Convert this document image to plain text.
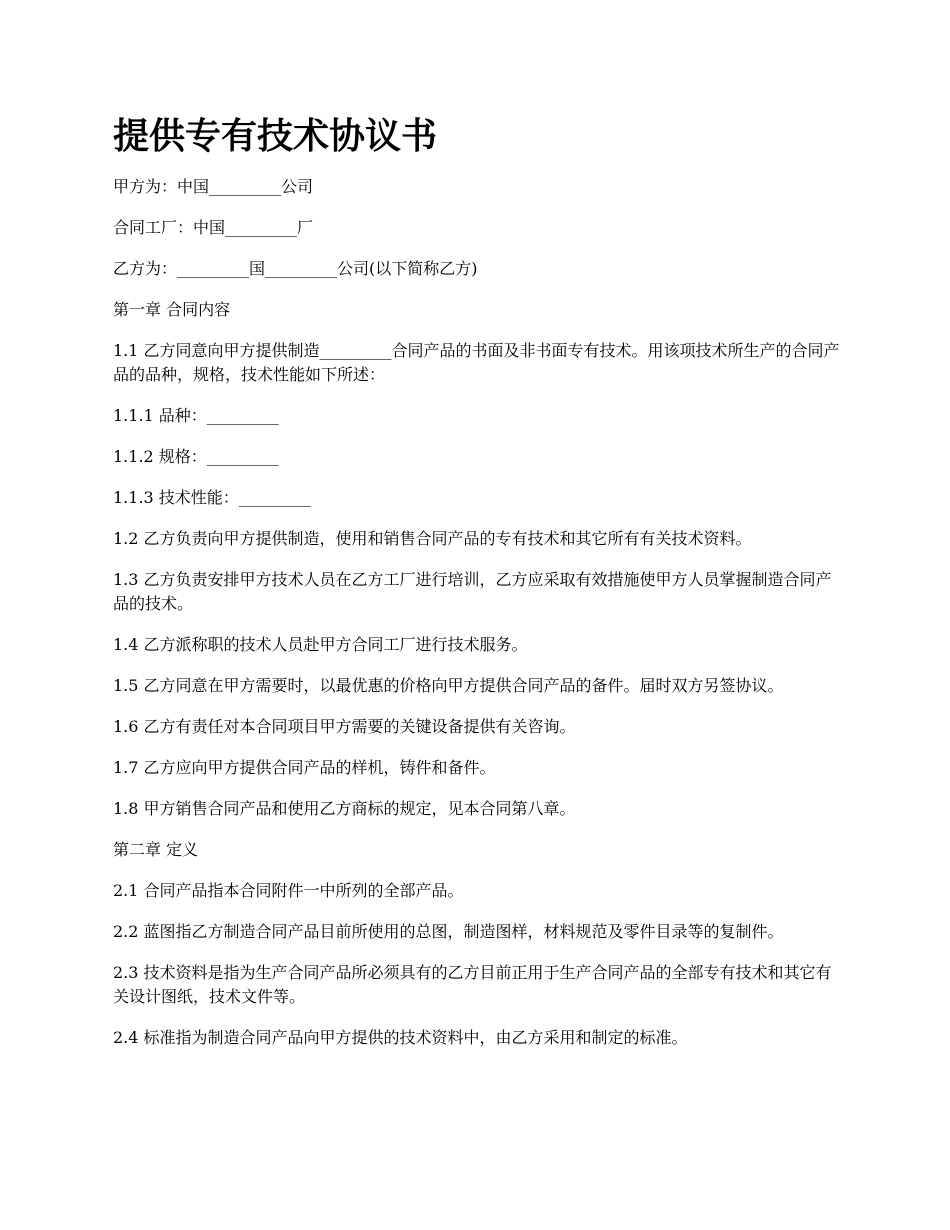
提供专有技术协议书

甲方为：中国_________公司

合同工厂：中国_________厂

乙方为：_________国_________公司(以下简称乙方)

第一章 合同内容

1.1 乙方同意向甲方提供制造_________合同产品的书面及非书面专有技术。用该项技术所生产的合同产品的品种，规格，技术性能如下所述：

1.1.1 品种：_________

1.1.2 规格：_________

1.1.3 技术性能：_________

1.2 乙方负责向甲方提供制造，使用和销售合同产品的专有技术和其它所有有关技术资料。

1.3 乙方负责安排甲方技术人员在乙方工厂进行培训，乙方应采取有效措施使甲方人员掌握制造合同产品的技术。

1.4 乙方派称职的技术人员赴甲方合同工厂进行技术服务。

1.5 乙方同意在甲方需要时，以最优惠的价格向甲方提供合同产品的备件。届时双方另签协议。

1.6 乙方有责任对本合同项目甲方需要的关键设备提供有关咨询。

1.7 乙方应向甲方提供合同产品的样机，铸件和备件。

1.8 甲方销售合同产品和使用乙方商标的规定，见本合同第八章。

第二章 定义

2.1 合同产品指本合同附件一中所列的全部产品。

2.2 蓝图指乙方制造合同产品目前所使用的总图，制造图样，材料规范及零件目录等的复制件。

2.3 技术资料是指为生产合同产品所必须具有的乙方目前正用于生产合同产品的全部专有技术和其它有关设计图纸，技术文件等。

2.4 标准指为制造合同产品向甲方提供的技术资料中，由乙方采用和制定的标准。
